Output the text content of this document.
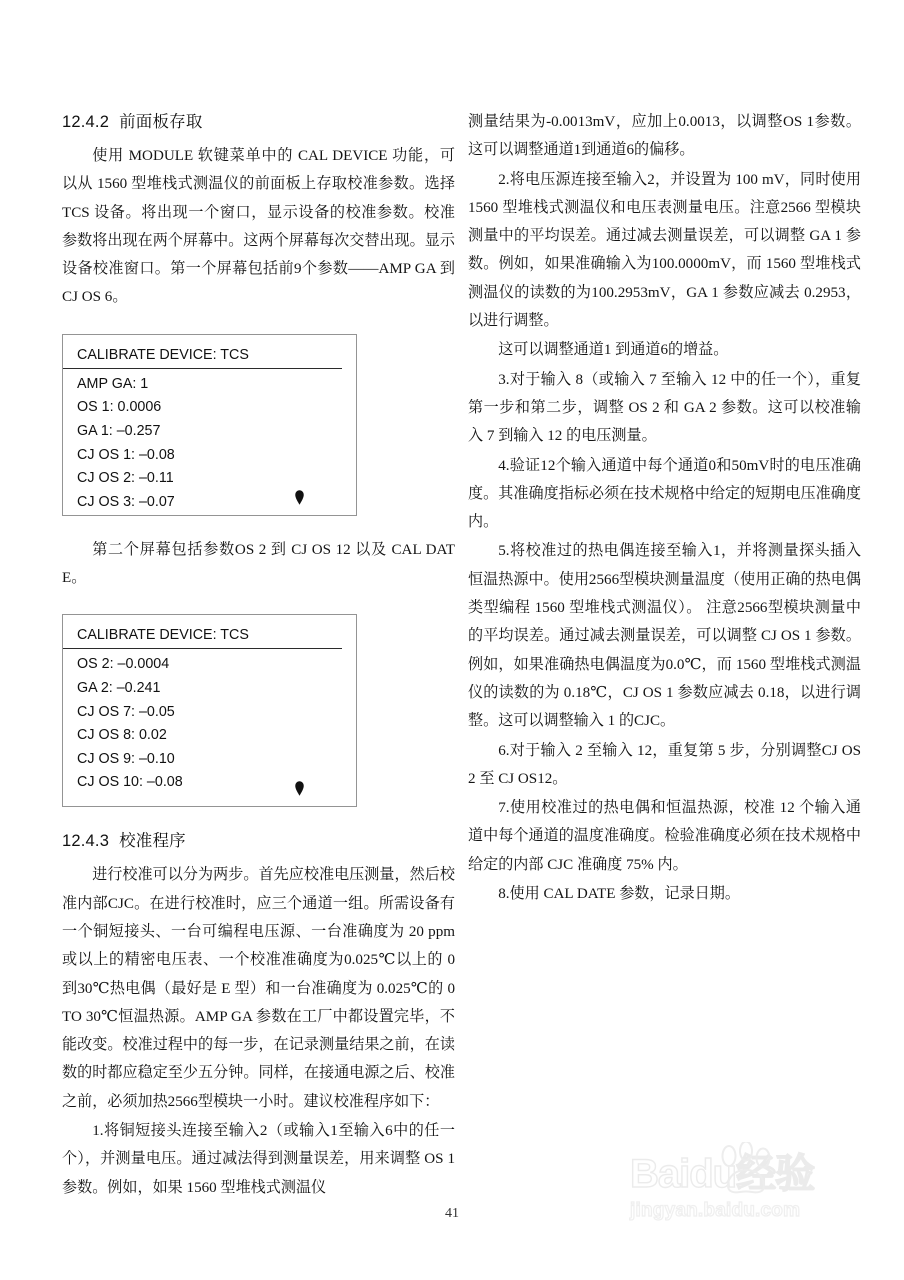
12.4.2 前面板存取

使用 MODULE 软键菜单中的 CAL DEVICE 功能，可以从 1560 型堆栈式测温仪的前面板上存取校准参数。选择 TCS 设备。将出现一个窗口，显示设备的校准参数。校准参数将出现在两个屏幕中。这两个屏幕每次交替出现。显示设备校准窗口。第一个屏幕包括前9个参数——AMP GA 到 CJ OS 6。

CALIBRATE DEVICE: TCS
AMP GA: 1
OS 1: 0.0006
GA 1: –0.257
CJ OS 1: –0.08
CJ OS 2: –0.11
CJ OS 3: –0.07

第二个屏幕包括参数OS 2 到 CJ OS 12 以及 CAL DATE。

CALIBRATE DEVICE: TCS
OS 2: –0.0004
GA 2: –0.241
CJ OS 7: –0.05
CJ OS 8: 0.02
CJ OS 9: –0.10
CJ OS 10: –0.08
12.4.3 校准程序

进行校准可以分为两步。首先应校准电压测量，然后校准内部CJC。在进行校准时，应三个通道一组。所需设备有一个铜短接头、一台可编程电压源、一台准确度为 20 ppm或以上的精密电压表、一个校准准确度为0.025℃以上的 0 到30℃热电偶（最好是 E 型）和一台准确度为 0.025℃的 0 TO 30℃恒温热源。AMP GA 参数在工厂中都设置完毕，不能改变。校准过程中的每一步，在记录测量结果之前，在读数的时都应稳定至少五分钟。同样，在接通电源之后、校准之前，必须加热2566型模块一小时。建议校准程序如下：

1.将铜短接头连接至输入2（或输入1至输入6中的任一个），并测量电压。通过减法得到测量误差，用来调整 OS 1 参数。例如，如果 1560 型堆栈式测温仪

测量结果为-0.0013mV，应加上0.0013，以调整OS 1参数。这可以调整通道1到通道6的偏移。

2.将电压源连接至输入2，并设置为 100 mV，同时使用 1560 型堆栈式测温仪和电压表测量电压。注意2566 型模块测量中的平均误差。通过减去测量误差，可以调整 GA 1 参数。例如，如果准确输入为100.0000mV，而 1560 型堆栈式测温仪的读数的为100.2953mV，GA 1 参数应减去 0.2953，以进行调整。

这可以调整通道1 到通道6的增益。

3.对于输入 8（或输入 7 至输入 12 中的任一个），重复第一步和第二步，调整 OS 2 和 GA 2 参数。这可以校准输入 7 到输入 12 的电压测量。

4.验证12个输入通道中每个通道0和50mV时的电压准确度。其准确度指标必须在技术规格中给定的短期电压准确度内。

5.将校准过的热电偶连接至输入1，并将测量探头插入恒温热源中。使用2566型模块测量温度（使用正确的热电偶类型编程 1560 型堆栈式测温仪）。 注意2566型模块测量中的平均误差。通过减去测量误差，可以调整 CJ OS 1 参数。例如，如果准确热电偶温度为0.0℃，而 1560 型堆栈式测温仪的读数的为 0.18℃，CJ OS 1 参数应减去 0.18，以进行调整。这可以调整输入 1 的CJC。

6.对于输入 2 至输入 12，重复第 5 步，分别调整CJ OS 2 至 CJ OS12。

7.使用校准过的热电偶和恒温热源，校准 12 个输入通道中每个通道的温度准确度。检验准确度必须在技术规格中给定的内部 CJC 准确度 75% 内。

8.使用 CAL DATE 参数，记录日期。

41
Baidu经验
jingyan.baidu.com
